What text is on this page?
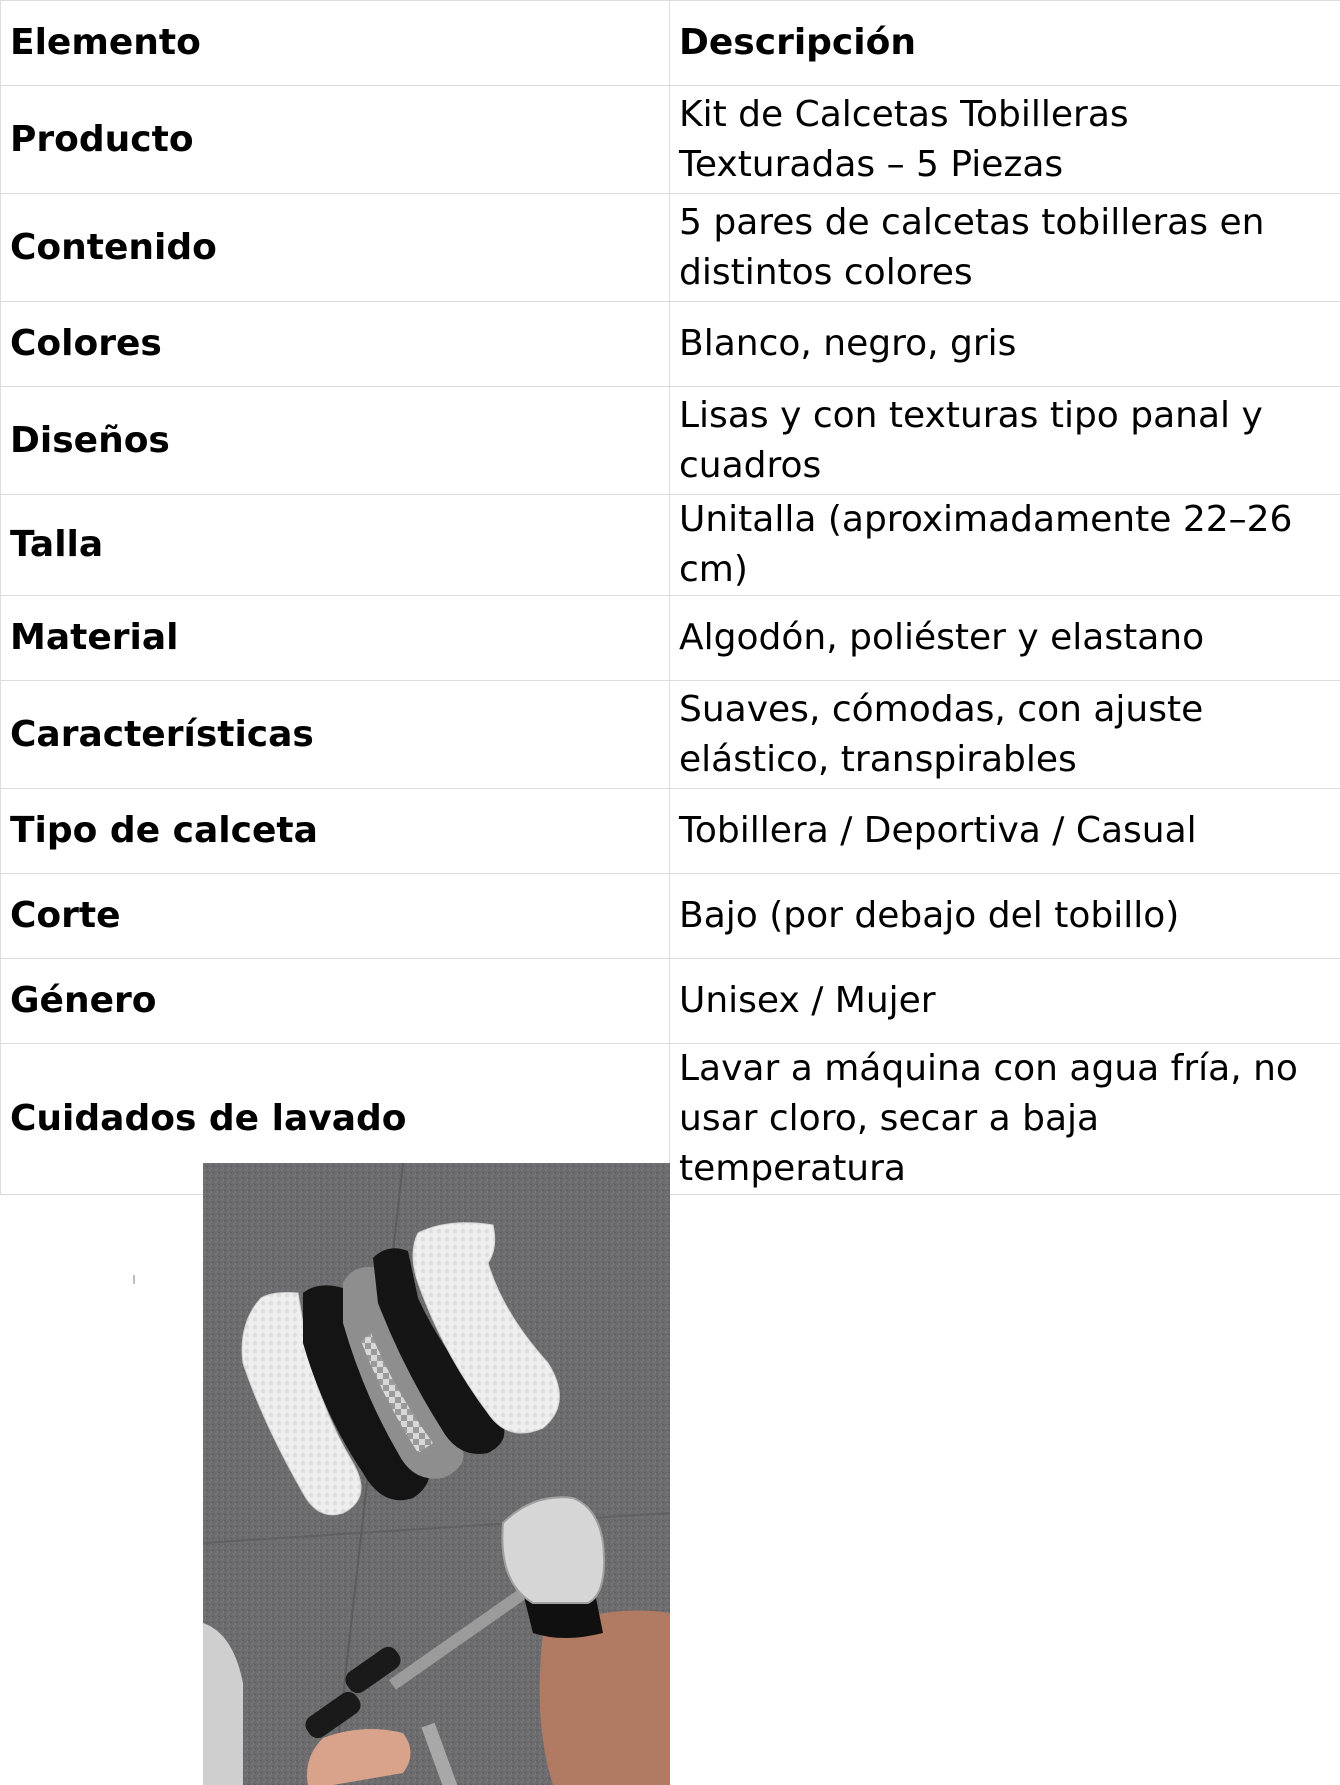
Elemento	Descripción
Producto	Kit de Calcetas Tobilleras Texturadas – 5 Piezas
Contenido	5 pares de calcetas tobilleras en distintos colores
Colores	Blanco, negro, gris
Diseños	Lisas y con texturas tipo panal y cuadros
Talla	Unitalla (aproximadamente 22–26 cm)
Material	Algodón, poliéster y elastano
Características	Suaves, cómodas, con ajuste elástico, transpirables
Tipo de calceta	Tobillera / Deportiva / Casual
Corte	Bajo (por debajo del tobillo)
Género	Unisex / Mujer
Cuidados de lavado	Lavar a máquina con agua fría, no usar cloro, secar a baja temperatura
